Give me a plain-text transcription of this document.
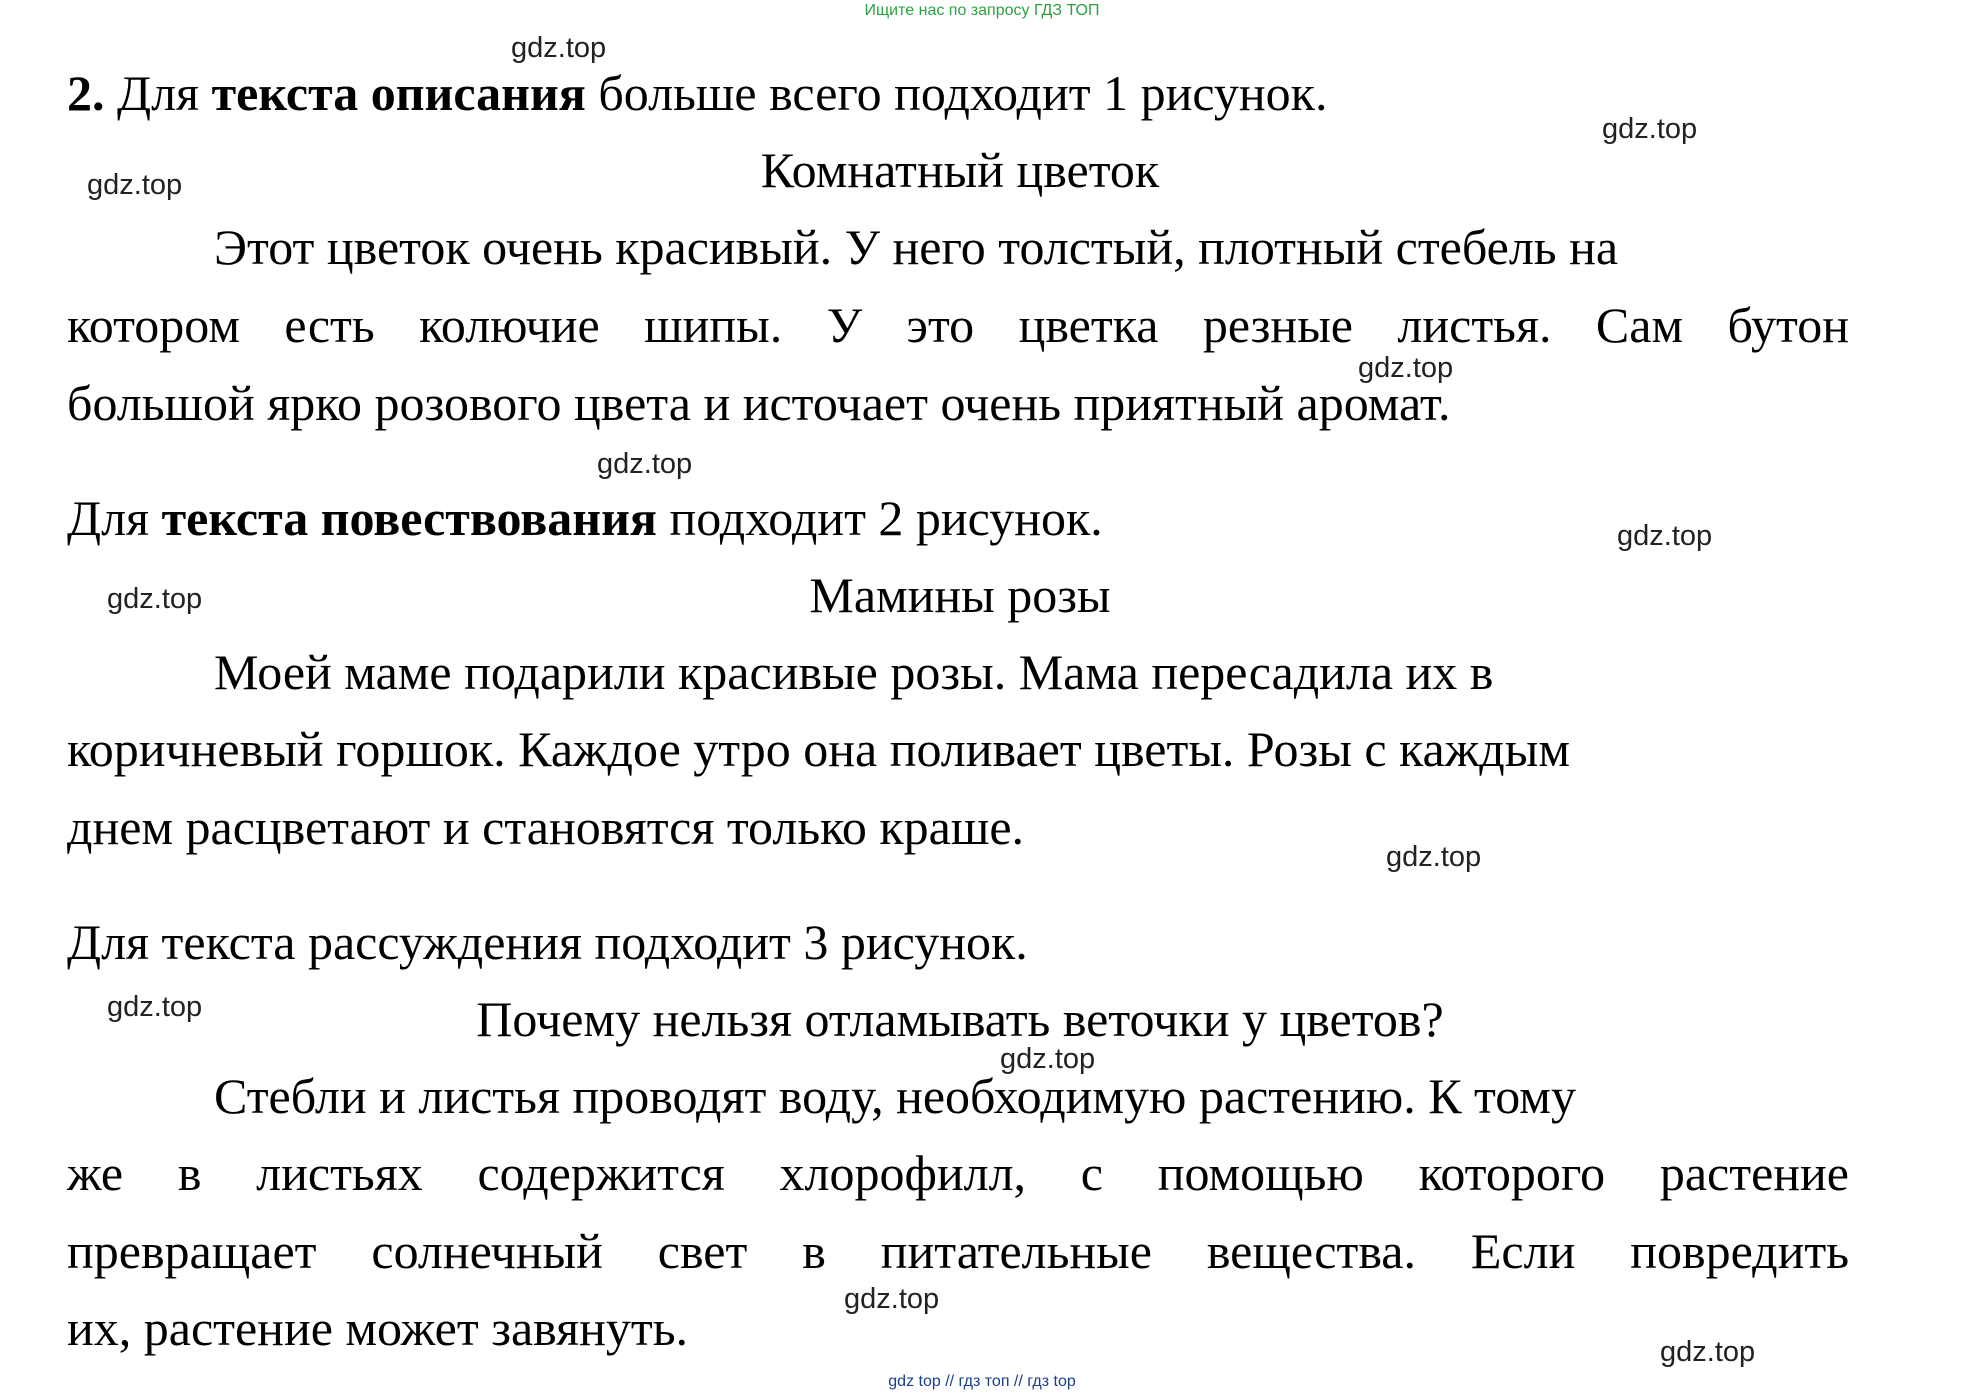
Ищите нас по запросу ГДЗ ТОП
2. Для текста описания больше всего подходит 1 рисунок.
Комнатный цветок
Этот цветок очень красивый. У него толстый, плотный стебель на
котором есть колючие шипы. У это цветка резные листья. Сам бутон
большой ярко розового цвета и источает очень приятный аромат.
Для текста повествования подходит 2 рисунок.
Мамины розы
Моей маме подарили красивые розы. Мама пересадила их в
коричневый горшок. Каждое утро она поливает цветы. Розы с каждым
днем расцветают и становятся только краше.
Для текста рассуждения подходит 3 рисунок.
Почему нельзя отламывать веточки у цветов?
Стебли и листья проводят воду, необходимую растению. К тому
же в листьях содержится хлорофилл, с помощью которого растение
превращает солнечный свет в питательные вещества. Если повредить
их, растение может завянуть.
gdz.top
gdz.top
gdz.top
gdz.top
gdz.top
gdz.top
gdz.top
gdz.top
gdz.top
gdz.top
gdz.top
gdz.top
gdz top // гдз топ // гдз top
